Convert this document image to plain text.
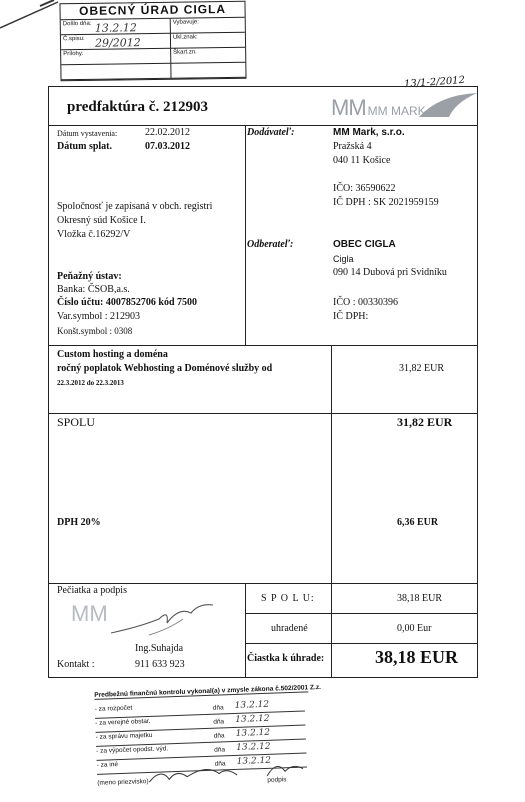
OBECNÝ ÚRAD CIGLA
Došlo dňa: 13.2.12	Vybavuje:
Č.spisu: 29/2012	Ukl.znak:
Prílohy:	Škart.zn.
13/1-2/2012
predfaktúra č. 212903	MM MM MARK
Dátum vystavenia:	22.02.2012
Dátum splat.	07.03.2012
Spoločnosť je zapísaná v obch. registri
Okresný súd Košice I.
Vložka č.16292/V
Peňažný ústav:
Banka: ČSOB,a.s.
Číslo účtu: 4007852706 kód 7500
Var.symbol : 212903
Konšt.symbol : 0308
Dodávateľ:	MM Mark, s.r.o.
Pražská 4
040 11 Košice
IČO: 36590622
IČ DPH : SK 2021959159
Odberateľ:	OBEC CIGLA
Cigla
090 14 Dubová pri Svidníku
IČO : 00330396
IČ DPH:
Custom hosting a doména
ročný poplatok Webhosting a Doménové služby od
22.3.2012 do 22.3.2013
31,82 EUR
SPOLU	31,82 EUR
DPH 20%	6,36 EUR
Pečiatka a podpis
MM
Ing.Suhajda
Kontakt :	911 633 923
S P O L U:	38,18 EUR
uhradené	0,00 Eur
Čiastka k úhrade:	38,18 EUR
Predbežnú finančnú kontrolu vykonal(a) v zmysle zákona č.502/2001 Z.z.
- za rozpočet	dňa 13.2.12
- za verejné obstar.	dňa 13.2.12
- za správu majetku	dňa 13.2.12
- za výpočet opodst. výd.	dňa 13.2.12
- za iné	dňa 13.2.12
(meno priezvisko)	podpis
